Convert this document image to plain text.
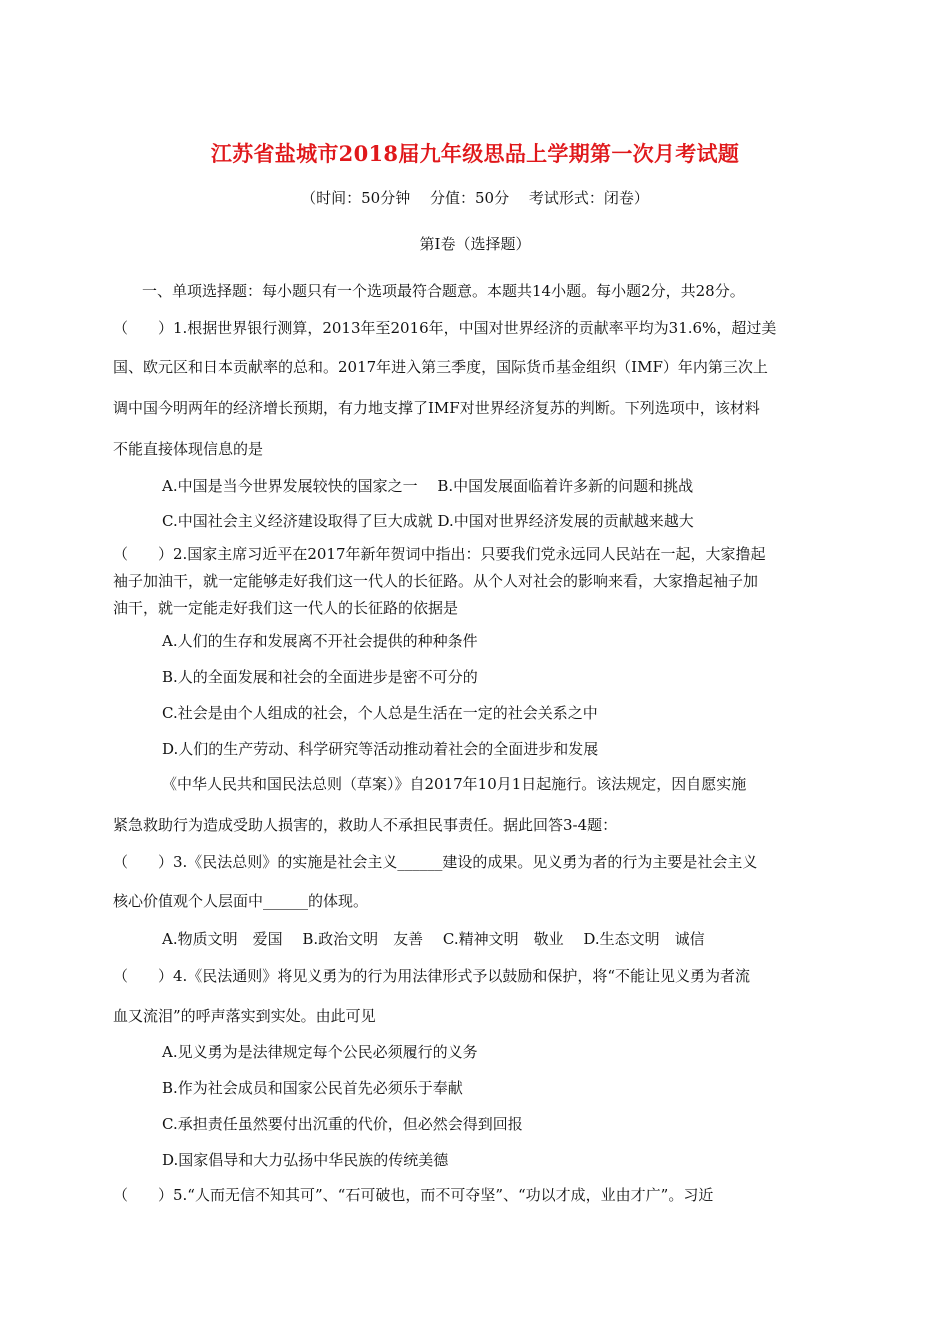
江苏省盐城市2018届九年级思品上学期第一次月考试题
（时间：50分钟　 分值：50分　 考试形式：闭卷）
第Ⅰ卷（选择题）
一、单项选择题：每小题只有一个选项最符合题意。本题共14小题。每小题2分，共28分。
（　　）1.根据世界银行测算，2013年至2016年，中国对世界经济的贡献率平均为31.6%，超过美
国、欧元区和日本贡献率的总和。2017年进入第三季度，国际货币基金组织（IMF）年内第三次上
调中国今明两年的经济增长预期，有力地支撑了IMF对世界经济复苏的判断。下列选项中，该材料
不能直接体现信息的是
A.中国是当今世界发展较快的国家之一　 B.中国发展面临着许多新的问题和挑战
C.中国社会主义经济建设取得了巨大成就 D.中国对世界经济发展的贡献越来越大
（　　）2.国家主席习近平在2017年新年贺词中指出：只要我们党永远同人民站在一起，大家撸起
袖子加油干，就一定能够走好我们这一代人的长征路。从个人对社会的影响来看，大家撸起袖子加
油干，就一定能走好我们这一代人的长征路的依据是
A.人们的生存和发展离不开社会提供的种种条件
B.人的全面发展和社会的全面进步是密不可分的
C.社会是由个人组成的社会，个人总是生活在一定的社会关系之中
D.人们的生产劳动、科学研究等活动推动着社会的全面进步和发展
《中华人民共和国民法总则（草案）》自2017年10月1日起施行。该法规定，因自愿实施
紧急救助行为造成受助人损害的，救助人不承担民事责任。据此回答3-4题：
（　　）3.《民法总则》的实施是社会主义______建设的成果。见义勇为者的行为主要是社会主义
核心价值观个人层面中______的体现。
A.物质文明　爱国　 B.政治文明　友善　 C.精神文明　敬业　 D.生态文明　诚信
（　　）4.《民法通则》将见义勇为的行为用法律形式予以鼓励和保护，将“不能让见义勇为者流
血又流泪”的呼声落实到实处。由此可见
A.见义勇为是法律规定每个公民必须履行的义务
B.作为社会成员和国家公民首先必须乐于奉献
C.承担责任虽然要付出沉重的代价，但必然会得到回报
D.国家倡导和大力弘扬中华民族的传统美德
（　　）5.“人而无信不知其可”、“石可破也，而不可夺坚”、“功以才成，业由才广”。习近
